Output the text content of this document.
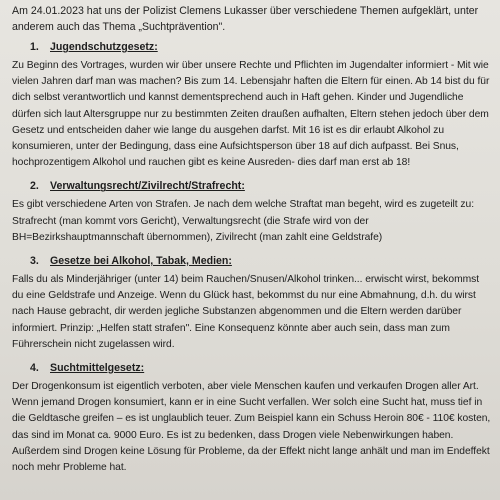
Am 24.01.2023 hat uns der Polizist Clemens Lukasser über verschiedene Themen aufgeklärt, unter anderem auch das Thema „Suchtprävention".

1. Jugendschutzgesetz:

Zu Beginn des Vortrages, wurden wir über unsere Rechte und Pflichten im Jugendalter informiert - Mit wie vielen Jahren darf man was machen? Bis zum 14. Lebensjahr haften die Eltern für einen. Ab 14 bist du für dich selbst verantwortlich und kannst dementsprechend auch in Haft gehen. Kinder und Jugendliche dürfen sich laut Altersgruppe nur zu bestimmten Zeiten draußen aufhalten, Eltern stehen jedoch über dem Gesetz und entscheiden daher wie lange du ausgehen darfst. Mit 16 ist es dir erlaubt Alkohol zu konsumieren, unter der Bedingung, dass eine Aufsichtsperson über 18 auf dich aufpasst. Bei Snus, hochprozentigem Alkohol und rauchen gibt es keine Ausreden- dies darf man erst ab 18!

2. Verwaltungsrecht/Zivilrecht/Strafrecht:

Es gibt verschiedene Arten von Strafen. Je nach dem welche Straftat man begeht, wird es zugeteilt zu: Strafrecht (man kommt vors Gericht), Verwaltungsrecht (die Strafe wird von der BH=Bezirkshauptmannschaft übernommen), Zivilrecht (man zahlt eine Geldstrafe)

3. Gesetze bei Alkohol, Tabak, Medien:

Falls du als Minderjähriger (unter 14) beim Rauchen/Snusen/Alkohol trinken... erwischt wirst, bekommst du eine Geldstrafe und Anzeige. Wenn du Glück hast, bekommst du nur eine Abmahnung, d.h. du wirst nach Hause gebracht, dir werden jegliche Substanzen abgenommen und die Eltern werden darüber informiert. Prinzip: „Helfen statt strafen". Eine Konsequenz könnte aber auch sein, dass man zum Führerschein nicht zugelassen wird.

4. Suchtmittelgesetz:

Der Drogenkonsum ist eigentlich verboten, aber viele Menschen kaufen und verkaufen Drogen aller Art. Wenn jemand Drogen konsumiert, kann er in eine Sucht verfallen. Wer solch eine Sucht hat, muss tief in die Geldtasche greifen – es ist unglaublich teuer. Zum Beispiel kann ein Schuss Heroin 80€ - 110€ kosten, das sind im Monat ca. 9000 Euro. Es ist zu bedenken, dass Drogen viele Nebenwirkungen haben. Außerdem sind Drogen keine Lösung für Probleme, da der Effekt nicht lange anhält und man im Endeffekt noch mehr Probleme hat.
